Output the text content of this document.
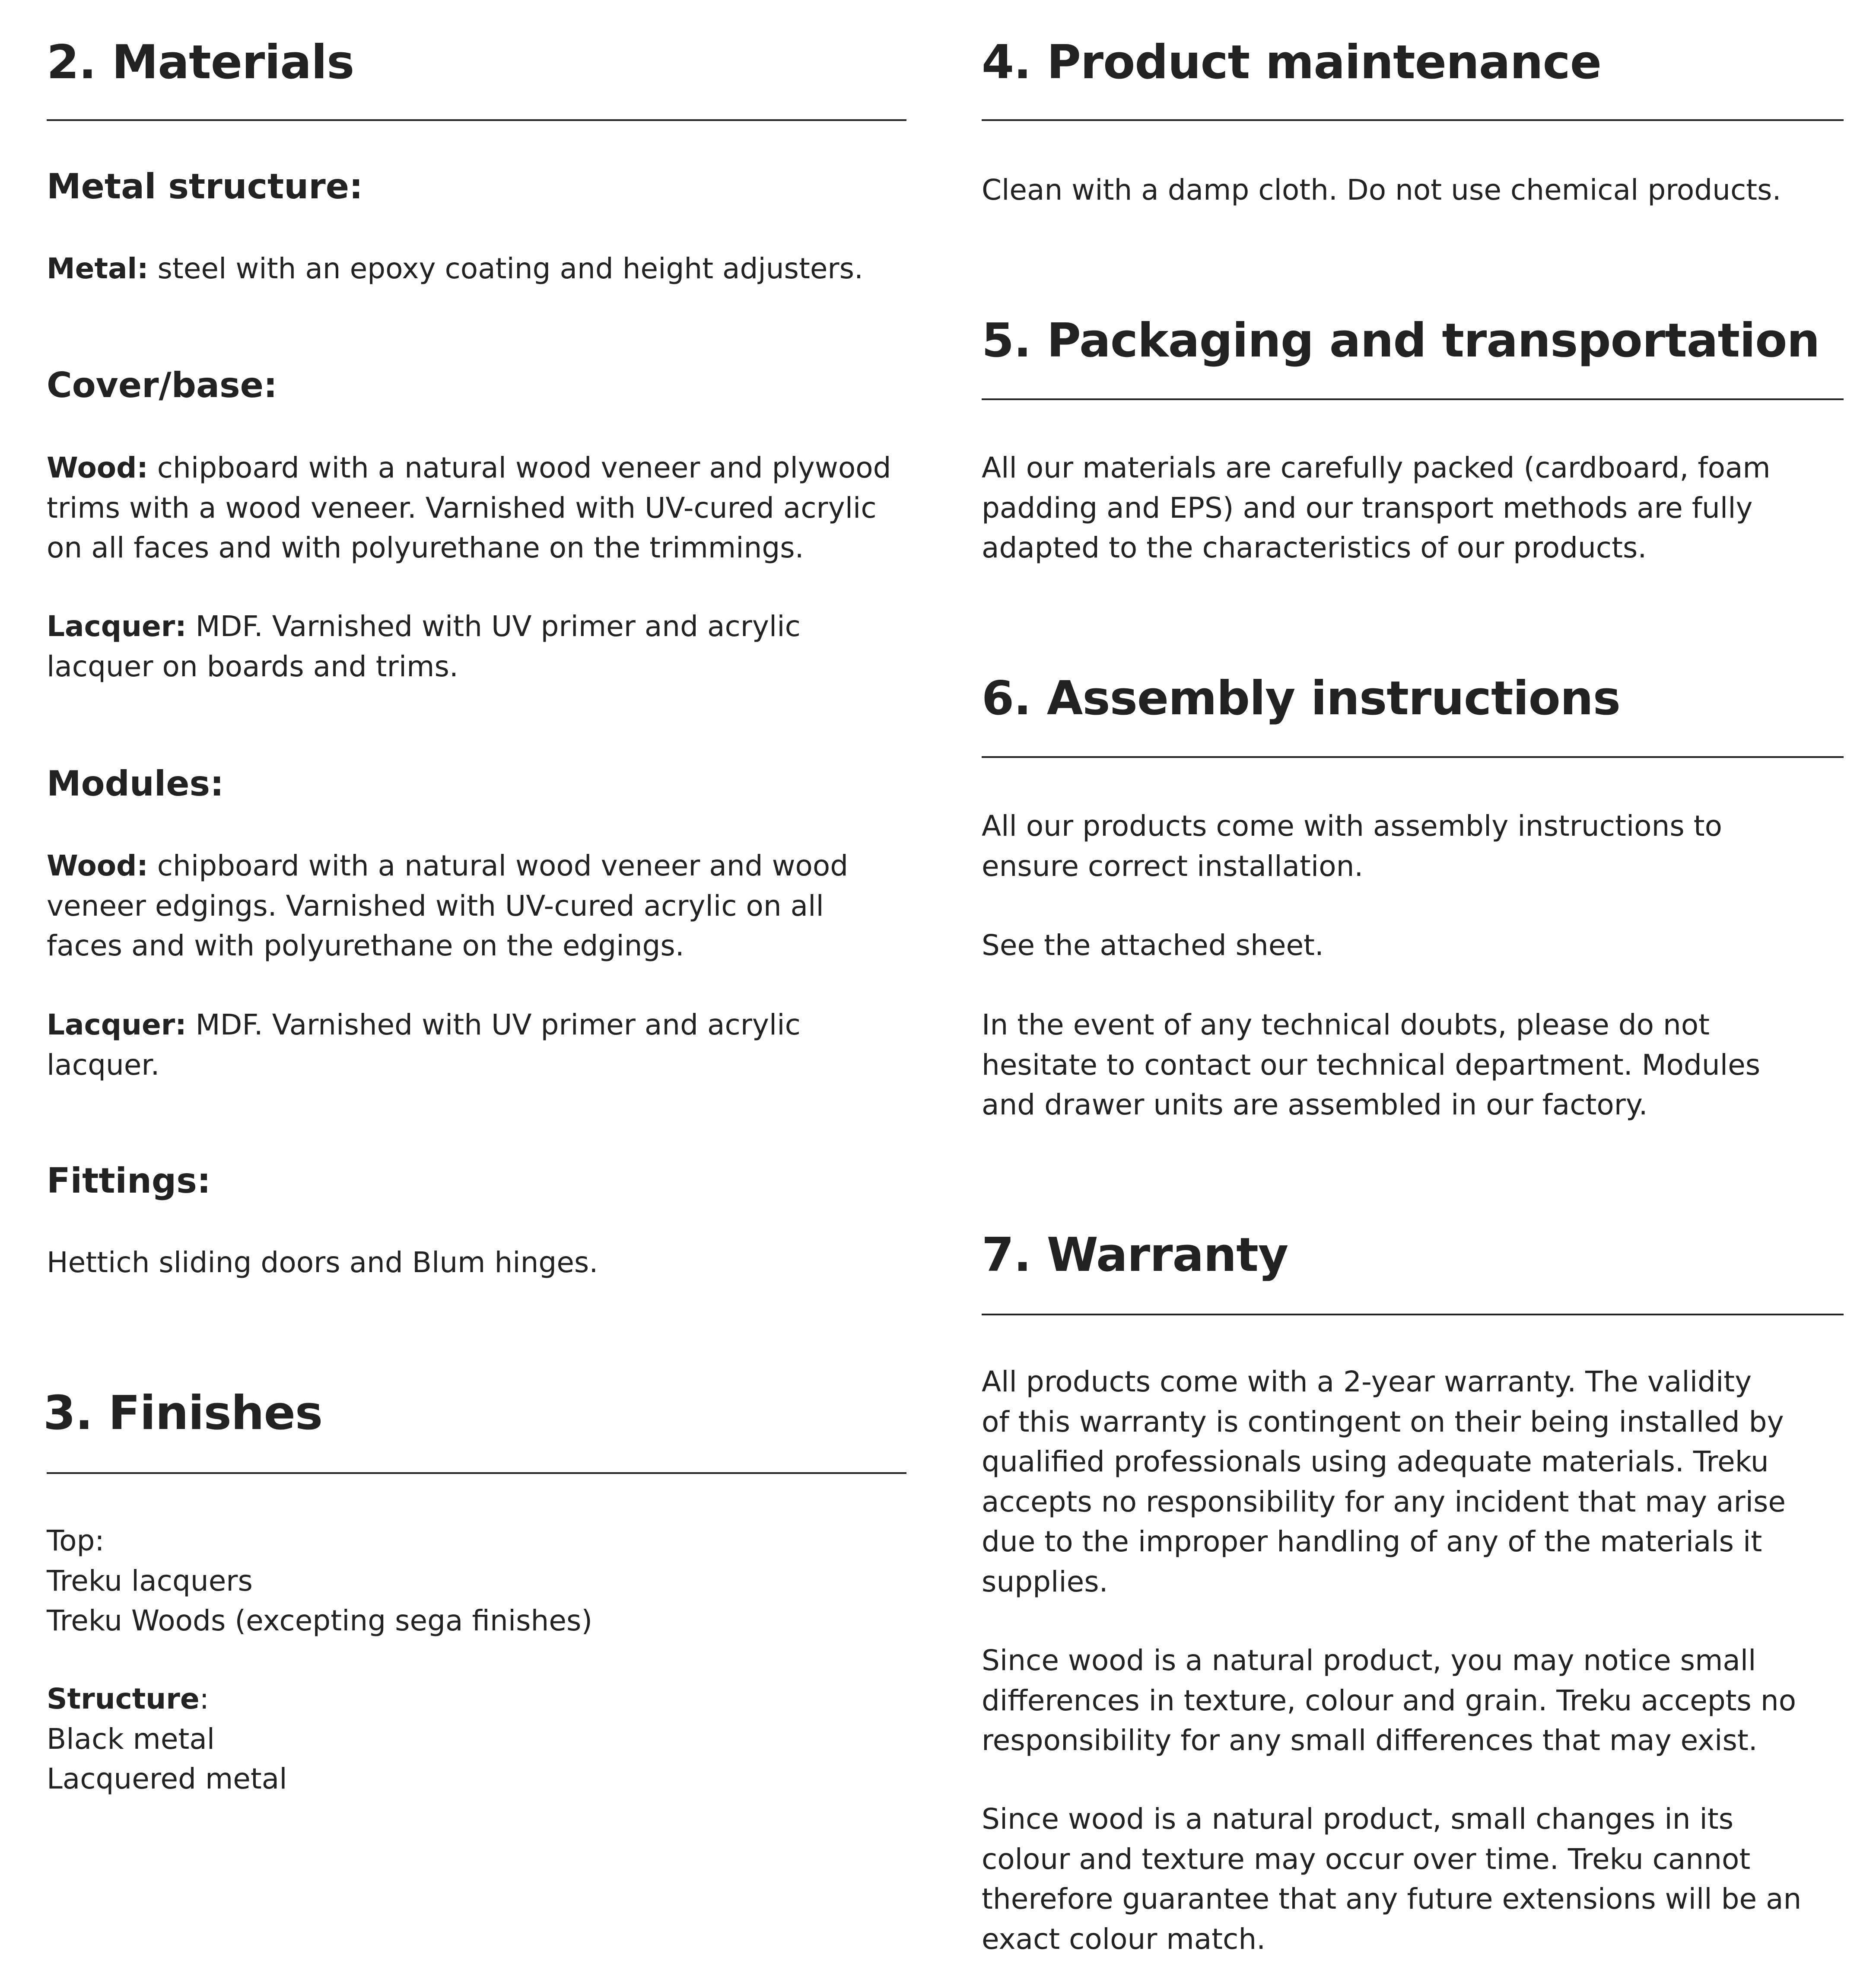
2. Materials
Metal structure:

Metal: steel with an epoxy coating and height adjusters.

Cover/base:

Wood: chipboard with a natural wood veneer and plywood
trims with a wood veneer. Varnished with UV-cured acrylic
on all faces and with polyurethane on the trimmings.

Lacquer: MDF. Varnished with UV primer and acrylic
lacquer on boards and trims.

Modules:

Wood: chipboard with a natural wood veneer and wood
veneer edgings. Varnished with UV-cured acrylic on all
faces and with polyurethane on the edgings.

Lacquer: MDF. Varnished with UV primer and acrylic
lacquer.

Fittings:

Hettich sliding doors and Blum hinges.

3. Finishes

Top:
Treku lacquers
Treku Woods (excepting sega finishes)

Structure:
Black metal
Lacquered metal

4. Product maintenance

Clean with a damp cloth. Do not use chemical products.

5. Packaging and transportation

All our materials are carefully packed (cardboard, foam
padding and EPS) and our transport methods are fully
adapted to the characteristics of our products.

6. Assembly instructions

All our products come with assembly instructions to
ensure correct installation.

See the attached sheet.

In the event of any technical doubts, please do not
hesitate to contact our technical department. Modules
and drawer units are assembled in our factory.

7. Warranty

All products come with a 2-year warranty. The validity
of this warranty is contingent on their being installed by
qualified professionals using adequate materials. Treku
accepts no responsibility for any incident that may arise
due to the improper handling of any of the materials it
supplies.

Since wood is a natural product, you may notice small
differences in texture, colour and grain. Treku accepts no
responsibility for any small differences that may exist.

Since wood is a natural product, small changes in its
colour and texture may occur over time. Treku cannot
therefore guarantee that any future extensions will be an
exact colour match.
